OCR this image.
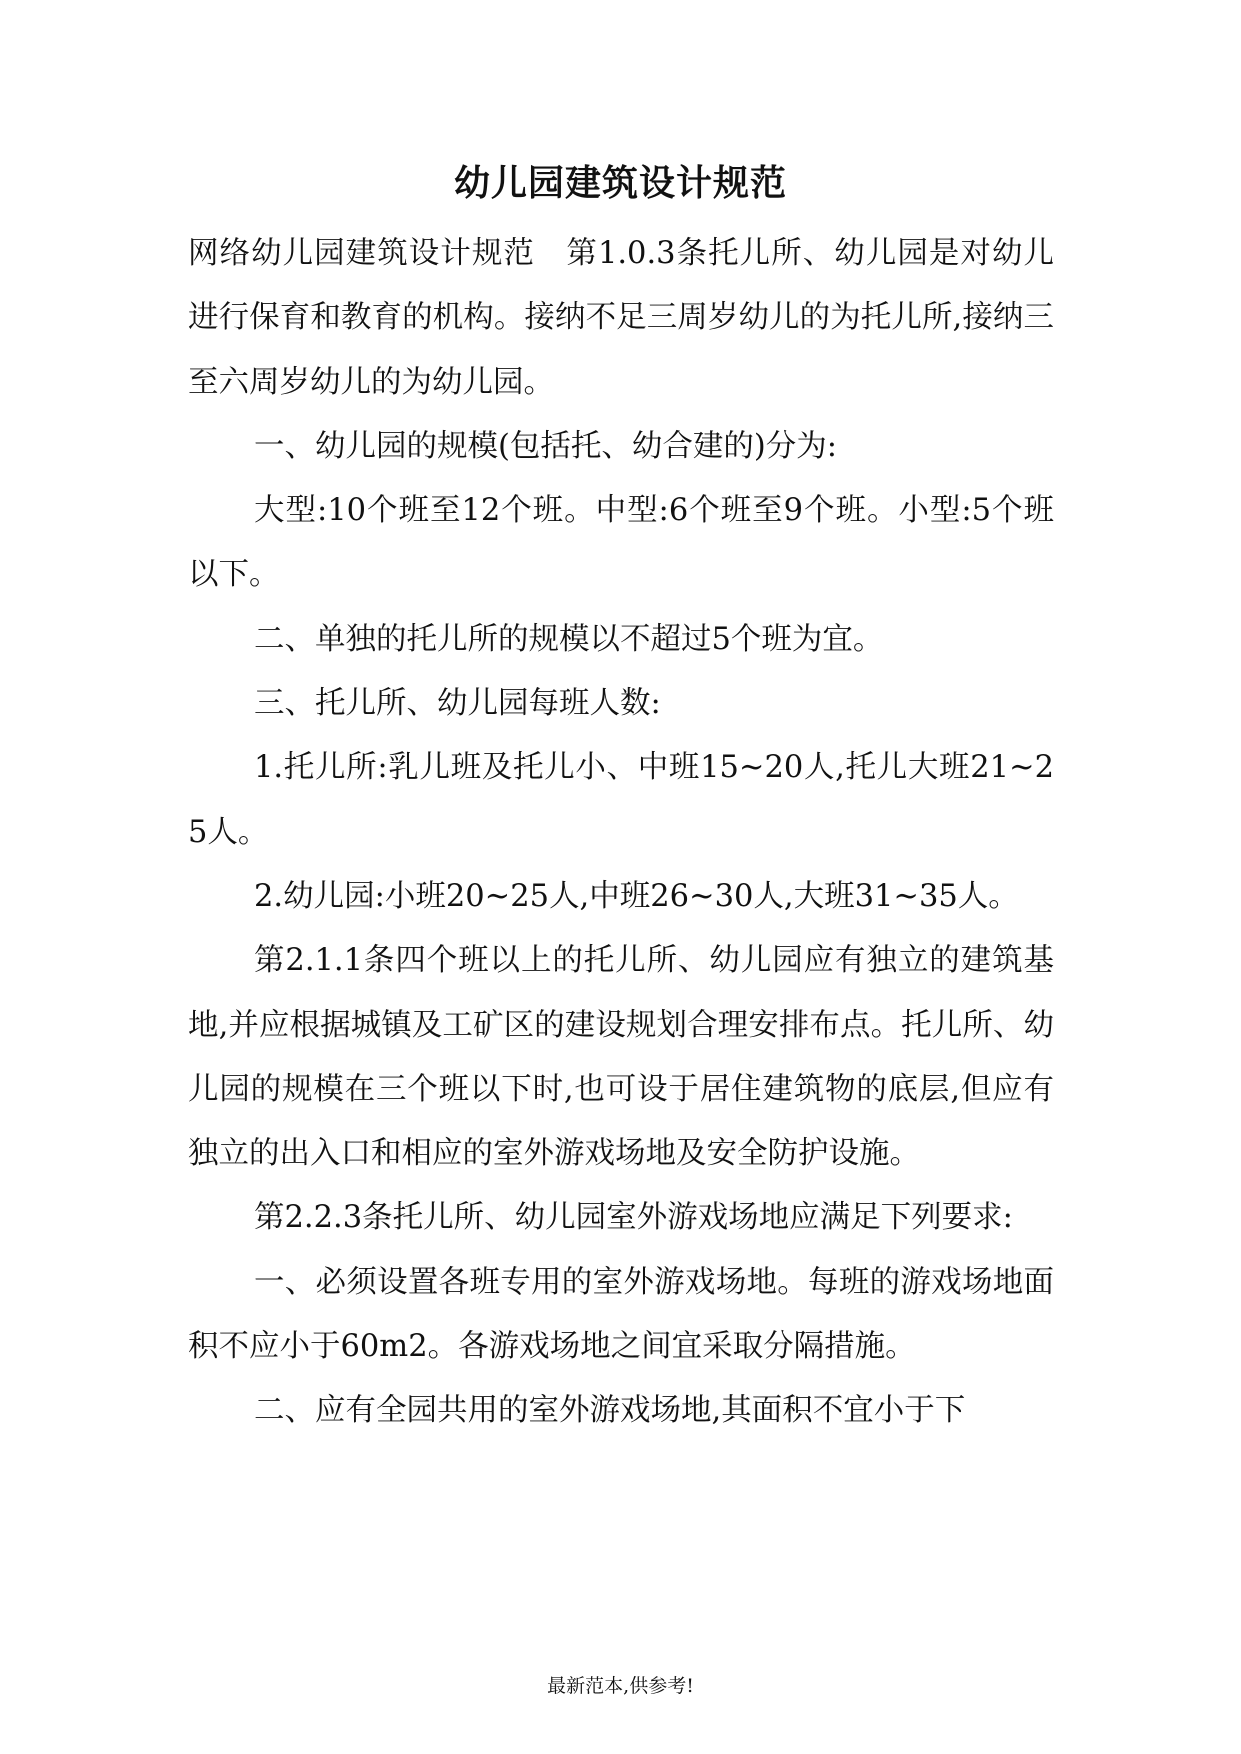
幼儿园建筑设计规范

网络幼儿园建筑设计规范　第1.0.3条托儿所、幼儿园是对幼儿进行保育和教育的机构。接纳不足三周岁幼儿的为托儿所,接纳三至六周岁幼儿的为幼儿园。

一、幼儿园的规模(包括托、幼合建的)分为:

大型:10个班至12个班。中型:6个班至9个班。小型:5个班以下。

二、单独的托儿所的规模以不超过5个班为宜。

三、托儿所、幼儿园每班人数:

1.托儿所:乳儿班及托儿小、中班15~20人,托儿大班21~25人。

2.幼儿园:小班20~25人,中班26~30人,大班31~35人。

第2.1.1条四个班以上的托儿所、幼儿园应有独立的建筑基地,并应根据城镇及工矿区的建设规划合理安排布点。托儿所、幼儿园的规模在三个班以下时,也可设于居住建筑物的底层,但应有独立的出入口和相应的室外游戏场地及安全防护设施。

第2.2.3条托儿所、幼儿园室外游戏场地应满足下列要求:

一、必须设置各班专用的室外游戏场地。每班的游戏场地面积不应小于60m2。各游戏场地之间宜采取分隔措施。

二、应有全园共用的室外游戏场地,其面积不宜小于下

最新范本,供参考!
